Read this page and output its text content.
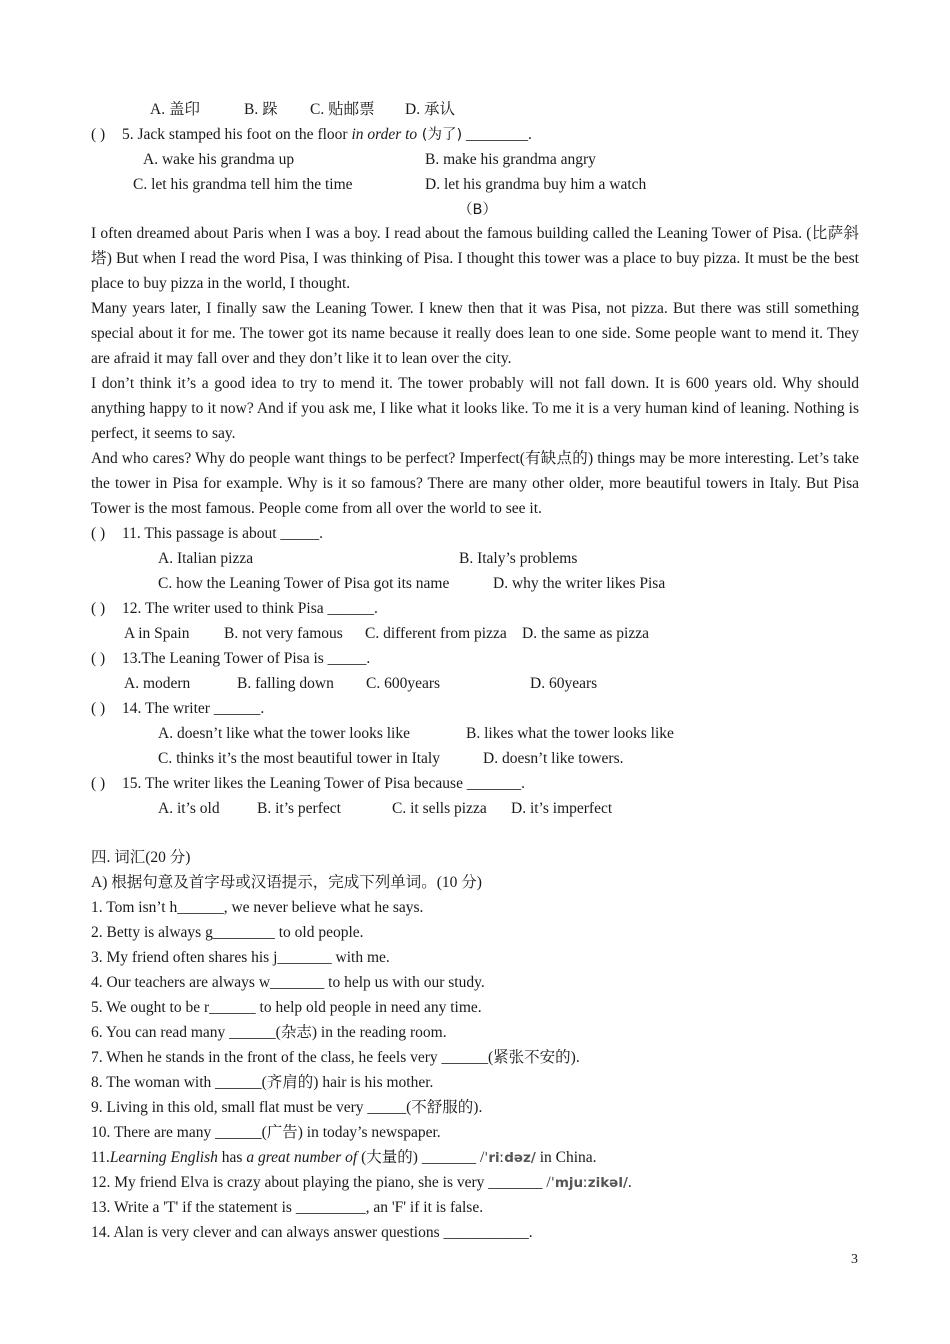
A. 盖印	B. 跺 C. 贴邮票 D. 承认
( ) 5. Jack stamped his foot on the floor in order to (为了) ________.
A. wake his grandma up	B. make his grandma angry
C. let his grandma tell him the time	D. let his grandma buy him a watch
（B）
I often dreamed about Paris when I was a boy. I read about the famous building called the Leaning Tower of Pisa. (比萨斜塔) But when I read the word Pisa, I was thinking of Pisa. I thought this tower was a place to buy pizza. It must be the best place to buy pizza in the world, I thought.
Many years later, I finally saw the Leaning Tower. I knew then that it was Pisa, not pizza. But there was still something special about it for me. The tower got its name because it really does lean to one side. Some people want to mend it. They are afraid it may fall over and they don’t like it to lean over the city.
I don’t think it’s a good idea to try to mend it. The tower probably will not fall down. It is 600 years old. Why should anything happy to it now? And if you ask me, I like what it looks like. To me it is a very human kind of leaning. Nothing is perfect, it seems to say.
And who cares? Why do people want things to be perfect? Imperfect(有缺点的) things may be more interesting. Let’s take the tower in Pisa for example. Why is it so famous? There are many other older, more beautiful towers in Italy. But Pisa Tower is the most famous. People come from all over the world to see it.
( ) 11. This passage is about _____.
A. Italian pizza	B. Italy’s problems
C. how the Leaning Tower of Pisa got its name	D. why the writer likes Pisa
( ) 12. The writer used to think Pisa ______.
A in Spain B. not very famous C. different from pizza D. the same as pizza
( ) 13.The Leaning Tower of Pisa is _____.
A. modern	B. falling down C. 600years	D. 60years
( ) 14. The writer ______.
A. doesn’t like what the tower looks like	B. likes what the tower looks like
C. thinks it’s the most beautiful tower in Italy	D. doesn’t like towers.
( ) 15. The writer likes the Leaning Tower of Pisa because _______.
A. it’s old B. it’s perfect	C. it sells pizza D. it’s imperfect
四. 词汇(20 分)
A) 根据句意及首字母或汉语提示，完成下列单词。(10 分)
1. Tom isn’t h______, we never believe what he says.
2. Betty is always g________ to old people.
3. My friend often shares his j_______ with me.
4. Our teachers are always w_______ to help us with our study.
5. We ought to be r______ to help old people in need any time.
6. You can read many ______(杂志) in the reading room.
7. When he stands in the front of the class, he feels very ______(紧张不安的).
8. The woman with ______(齐肩的) hair is his mother.
9. Living in this old, small flat must be very _____(不舒服的).
10. There are many ______(广告) in today’s newspaper.
11.Learning English has a great number of (大量的) _______ /ˈriːdəz/ in China.
12. My friend Elva is crazy about playing the piano, she is very _______ /ˈmjuːzikəl/.
13. Write a 'T' if the statement is _________, an 'F' if it is false.
14. Alan is very clever and can always answer questions ___________.
3
